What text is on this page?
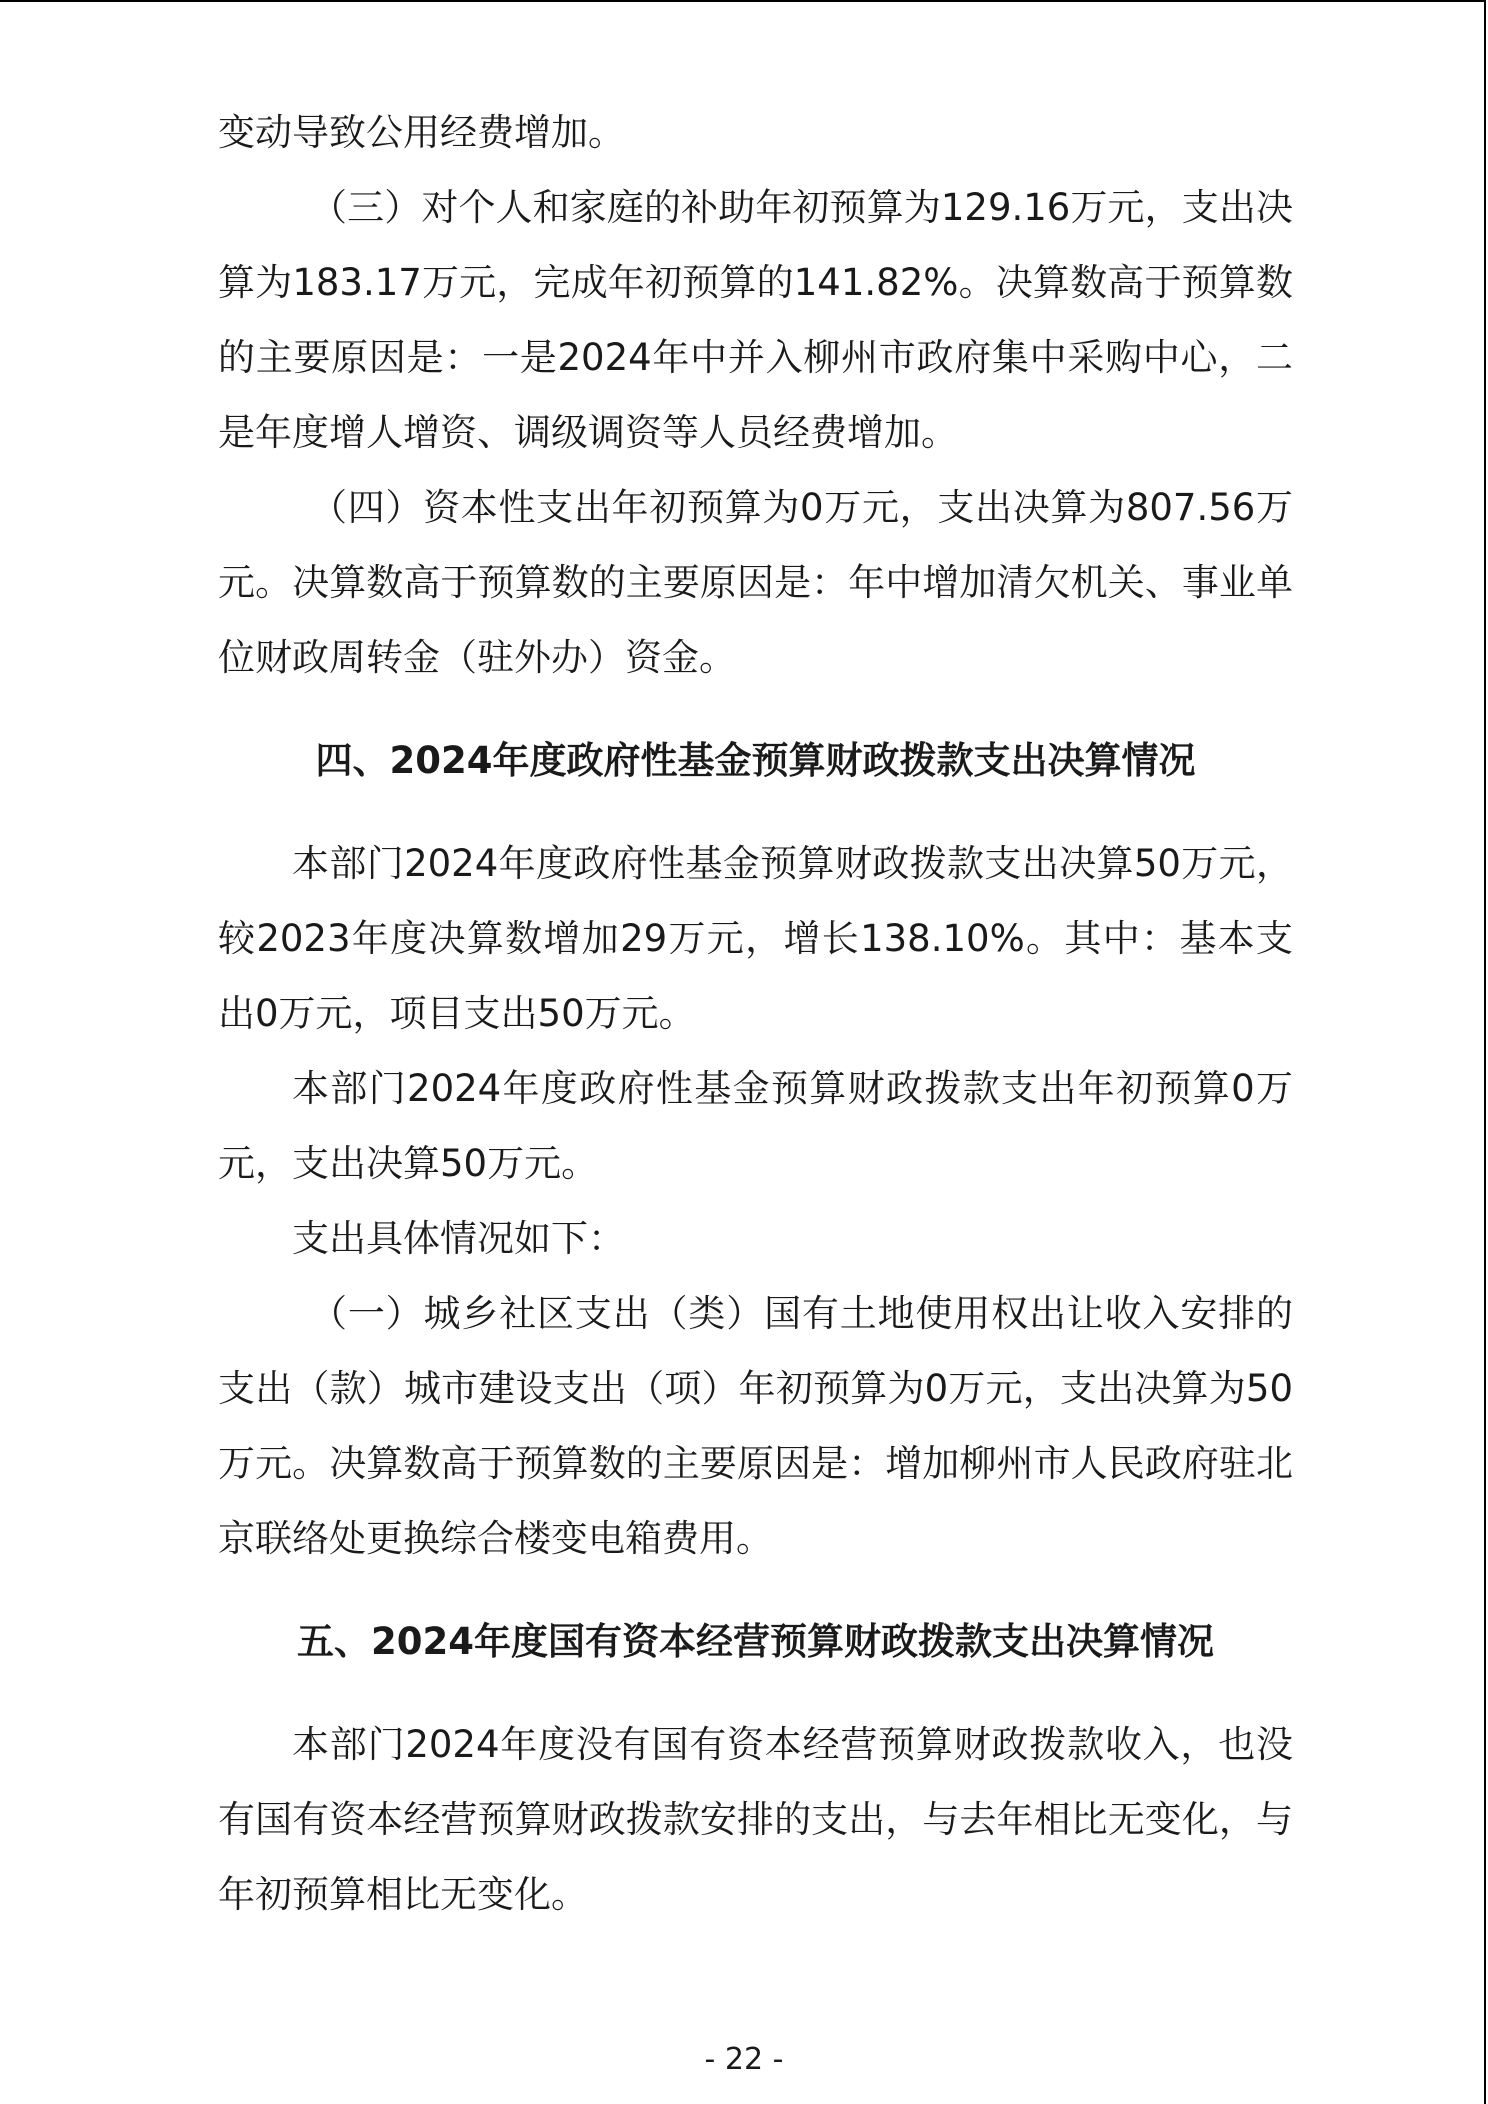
变动导致公用经费增加。

（三）对个人和家庭的补助年初预算为129.16万元，支出决算为183.17万元，完成年初预算的141.82%。决算数高于预算数的主要原因是：一是2024年中并入柳州市政府集中采购中心，二是年度增人增资、调级调资等人员经费增加。

（四）资本性支出年初预算为0万元，支出决算为807.56万元。决算数高于预算数的主要原因是：年中增加清欠机关、事业单位财政周转金（驻外办）资金。

四、2024年度政府性基金预算财政拨款支出决算情况

本部门2024年度政府性基金预算财政拨款支出决算50万元，较2023年度决算数增加29万元，增长138.10%。其中：基本支出0万元，项目支出50万元。

本部门2024年度政府性基金预算财政拨款支出年初预算0万元，支出决算50万元。

支出具体情况如下：

（一）城乡社区支出（类）国有土地使用权出让收入安排的支出（款）城市建设支出（项）年初预算为0万元，支出决算为50万元。决算数高于预算数的主要原因是：增加柳州市人民政府驻北京联络处更换综合楼变电箱费用。

五、2024年度国有资本经营预算财政拨款支出决算情况

本部门2024年度没有国有资本经营预算财政拨款收入，也没有国有资本经营预算财政拨款安排的支出，与去年相比无变化，与年初预算相比无变化。

- 22 -
